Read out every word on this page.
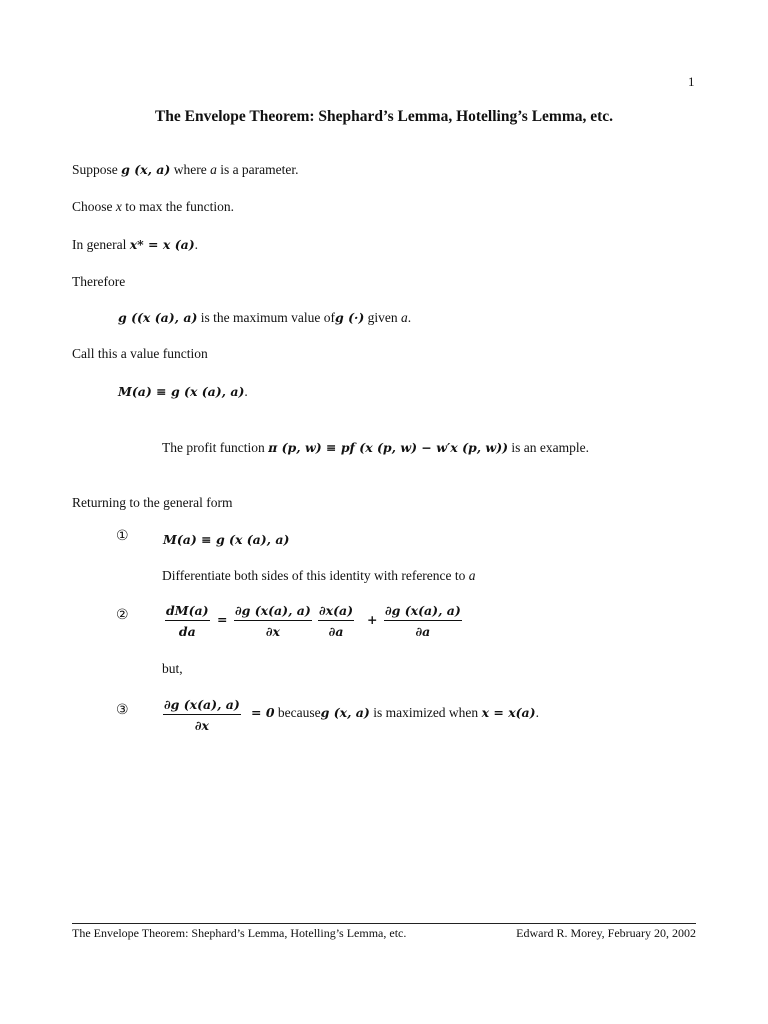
1
The Envelope Theorem: Shephard’s Lemma, Hotelling’s Lemma, etc.
Suppose g (x, a) where a is a parameter.
Choose x to max the function.
In general x* = x (a).
Therefore
g ((x (a), a) is the maximum value ofg (·) given a.
Call this a value function
M(a) ≡ g (x (a), a).
The profit function π (p, w) ≡ pf (x (p, w) − w′x (p, w)) is an example.
Returning to the general form
①	M(a) ≡ g (x (a), a)
Differentiate both sides of this identity with reference to a
②	dM(a)
da
=
∂g (x(a), a)
∂x
∂x(a)
∂a
+
∂g (x(a), a)
∂a
but,
③	∂g (x(a), a)
∂x
= 0 becauseg (x, a) is maximized when x = x(a).
The Envelope Theorem: Shephard’s Lemma, Hotelling’s Lemma, etc.	Edward R. Morey, February 20, 2002
